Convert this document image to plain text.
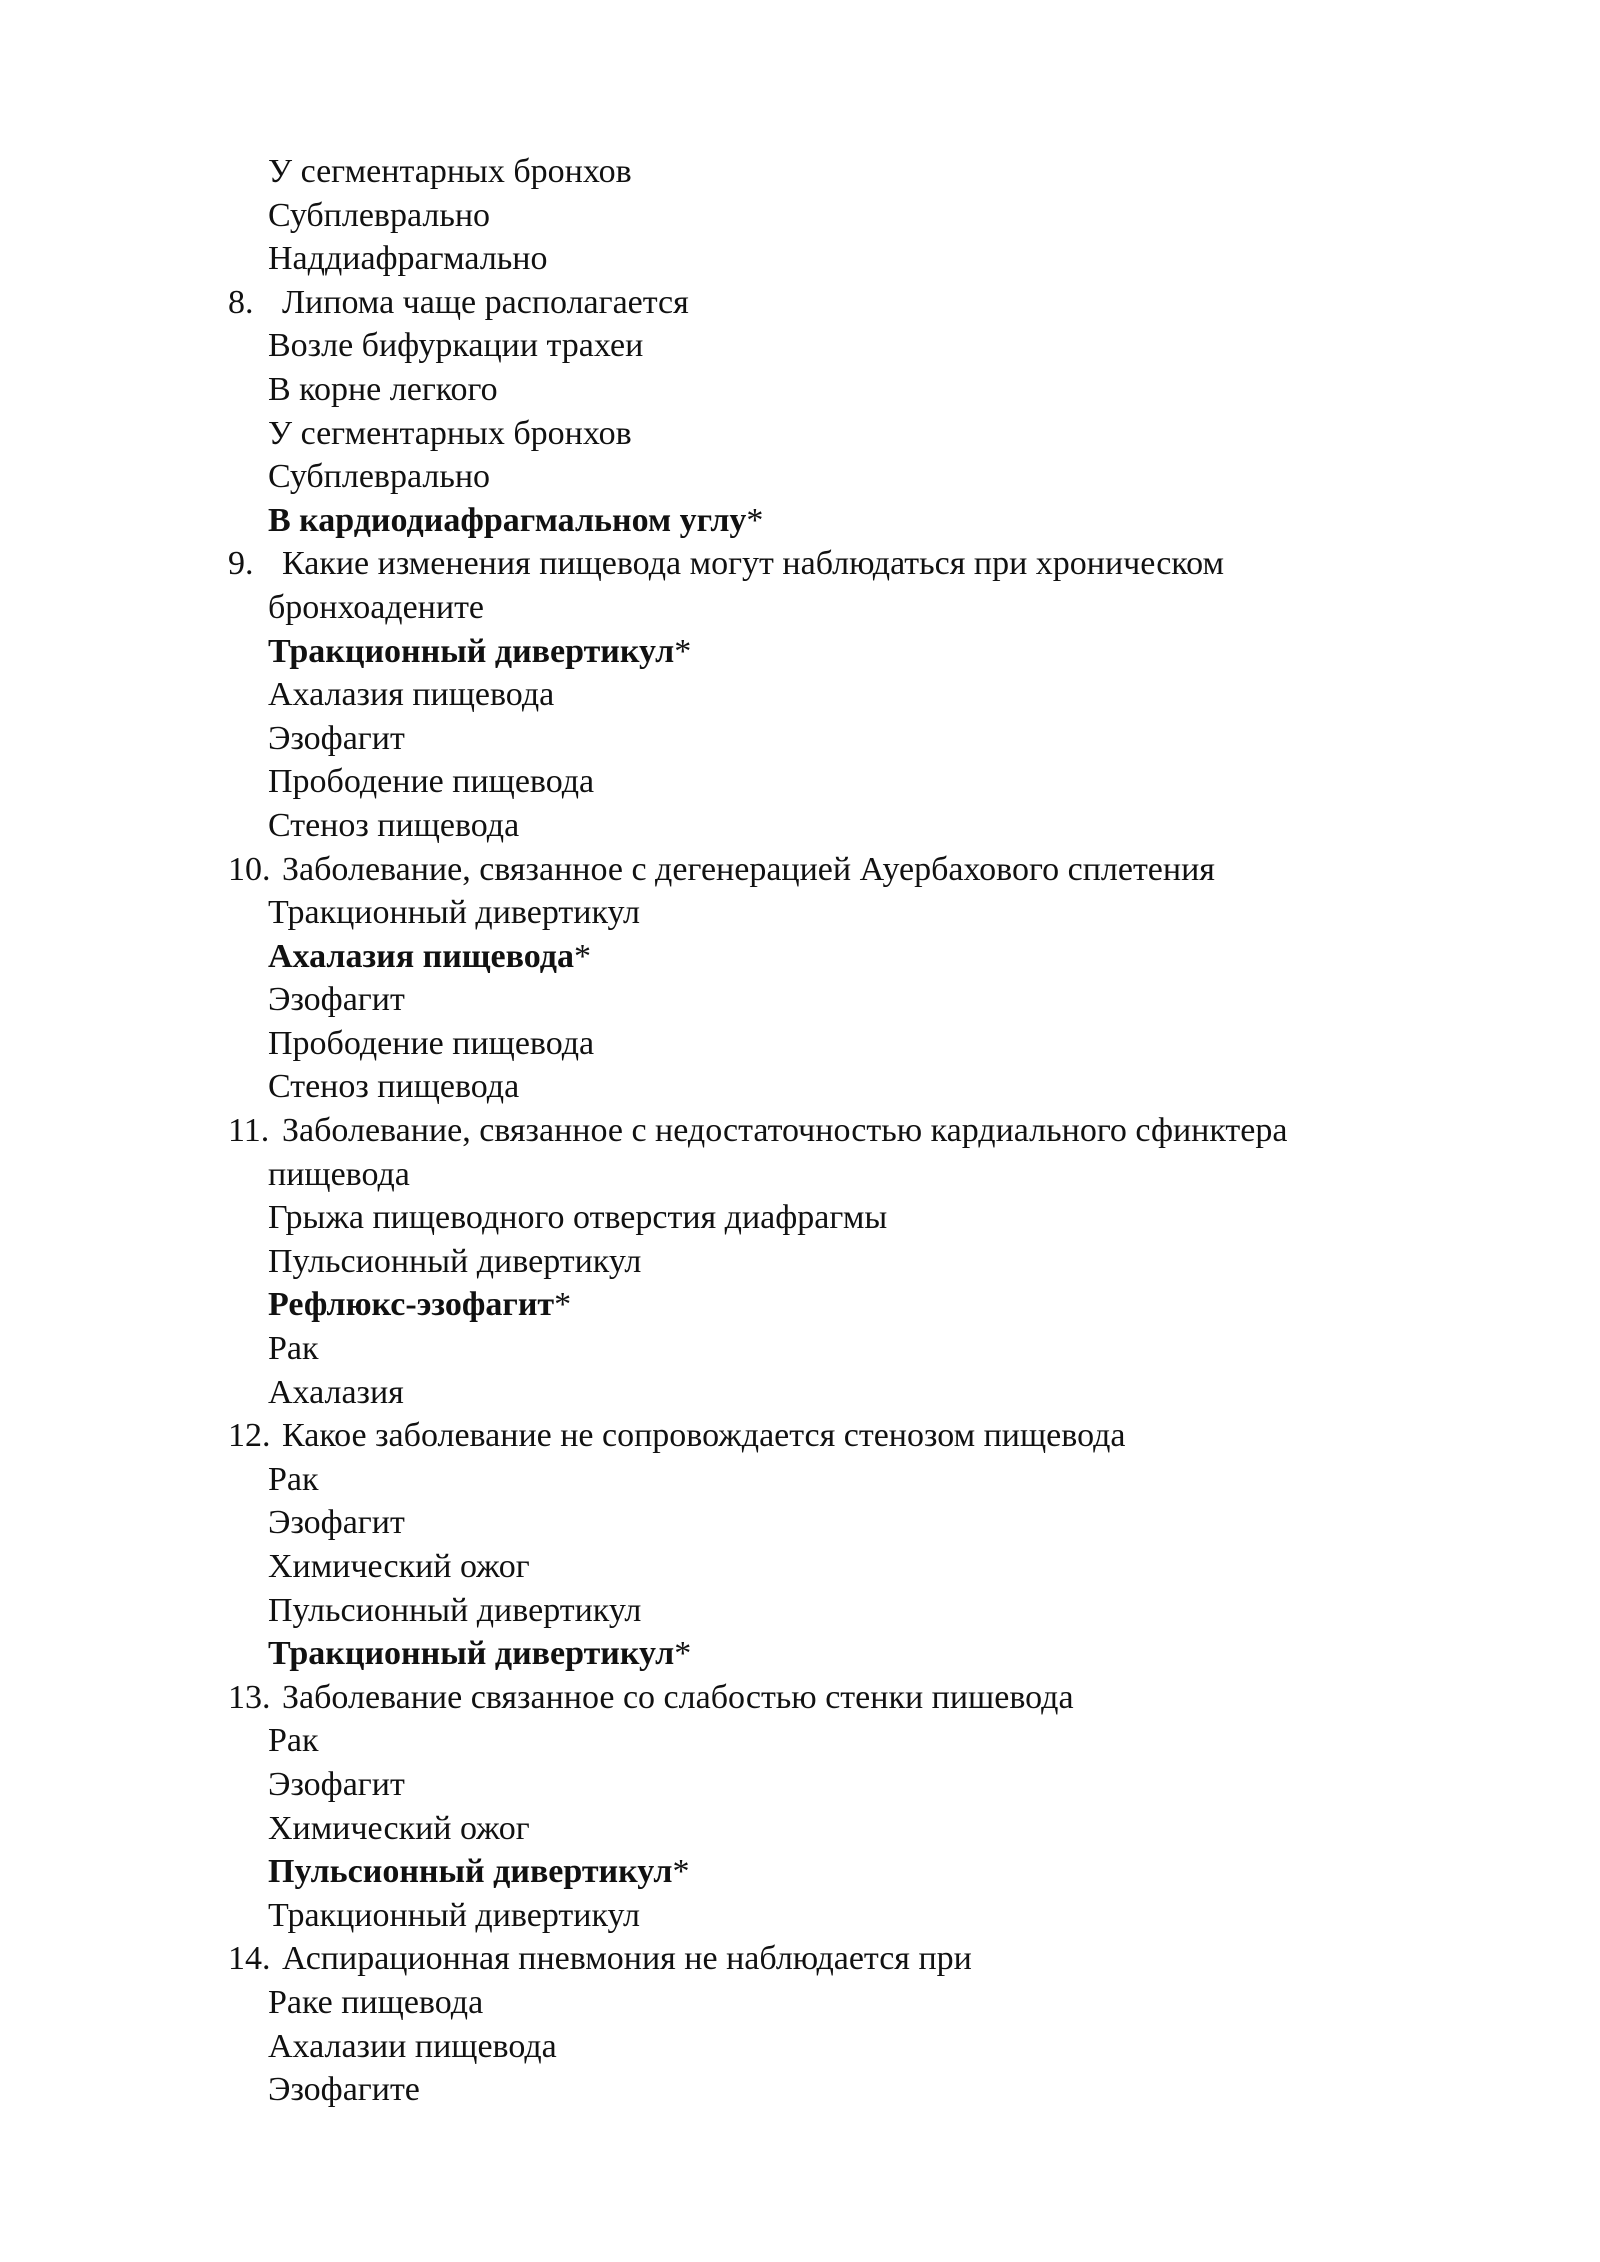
У сегментарных бронхов
Субплеврально
Наддиафрагмально
8. Липома чаще располагается
Возле бифуркации трахеи
В корне легкого
У сегментарных бронхов
Субплеврально
В кардиодиафрагмальном углу*
9. Какие изменения пищевода могут наблюдаться при хроническом
бронхоадените
Тракционный дивертикул*
Ахалазия пищевода
Эзофагит
Прободение пищевода
Стеноз пищевода
10. Заболевание, связанное с дегенерацией Ауербахового сплетения
Тракционный дивертикул
Ахалазия пищевода*
Эзофагит
Прободение пищевода
Стеноз пищевода
11. Заболевание, связанное с недостаточностью кардиального сфинктера
пищевода
Грыжа пищеводного отверстия диафрагмы
Пульсионный дивертикул
Рефлюкс-эзофагит*
Рак
Ахалазия
12. Какое заболевание не сопровождается стенозом пищевода
Рак
Эзофагит
Химический ожог
Пульсионный дивертикул
Тракционный дивертикул*
13. Заболевание связанное со слабостью стенки пишевода
Рак
Эзофагит
Химический ожог
Пульсионный дивертикул*
Тракционный дивертикул
14. Аспирационная пневмония не наблюдается при
Раке пищевода
Ахалазии пищевода
Эзофагите
